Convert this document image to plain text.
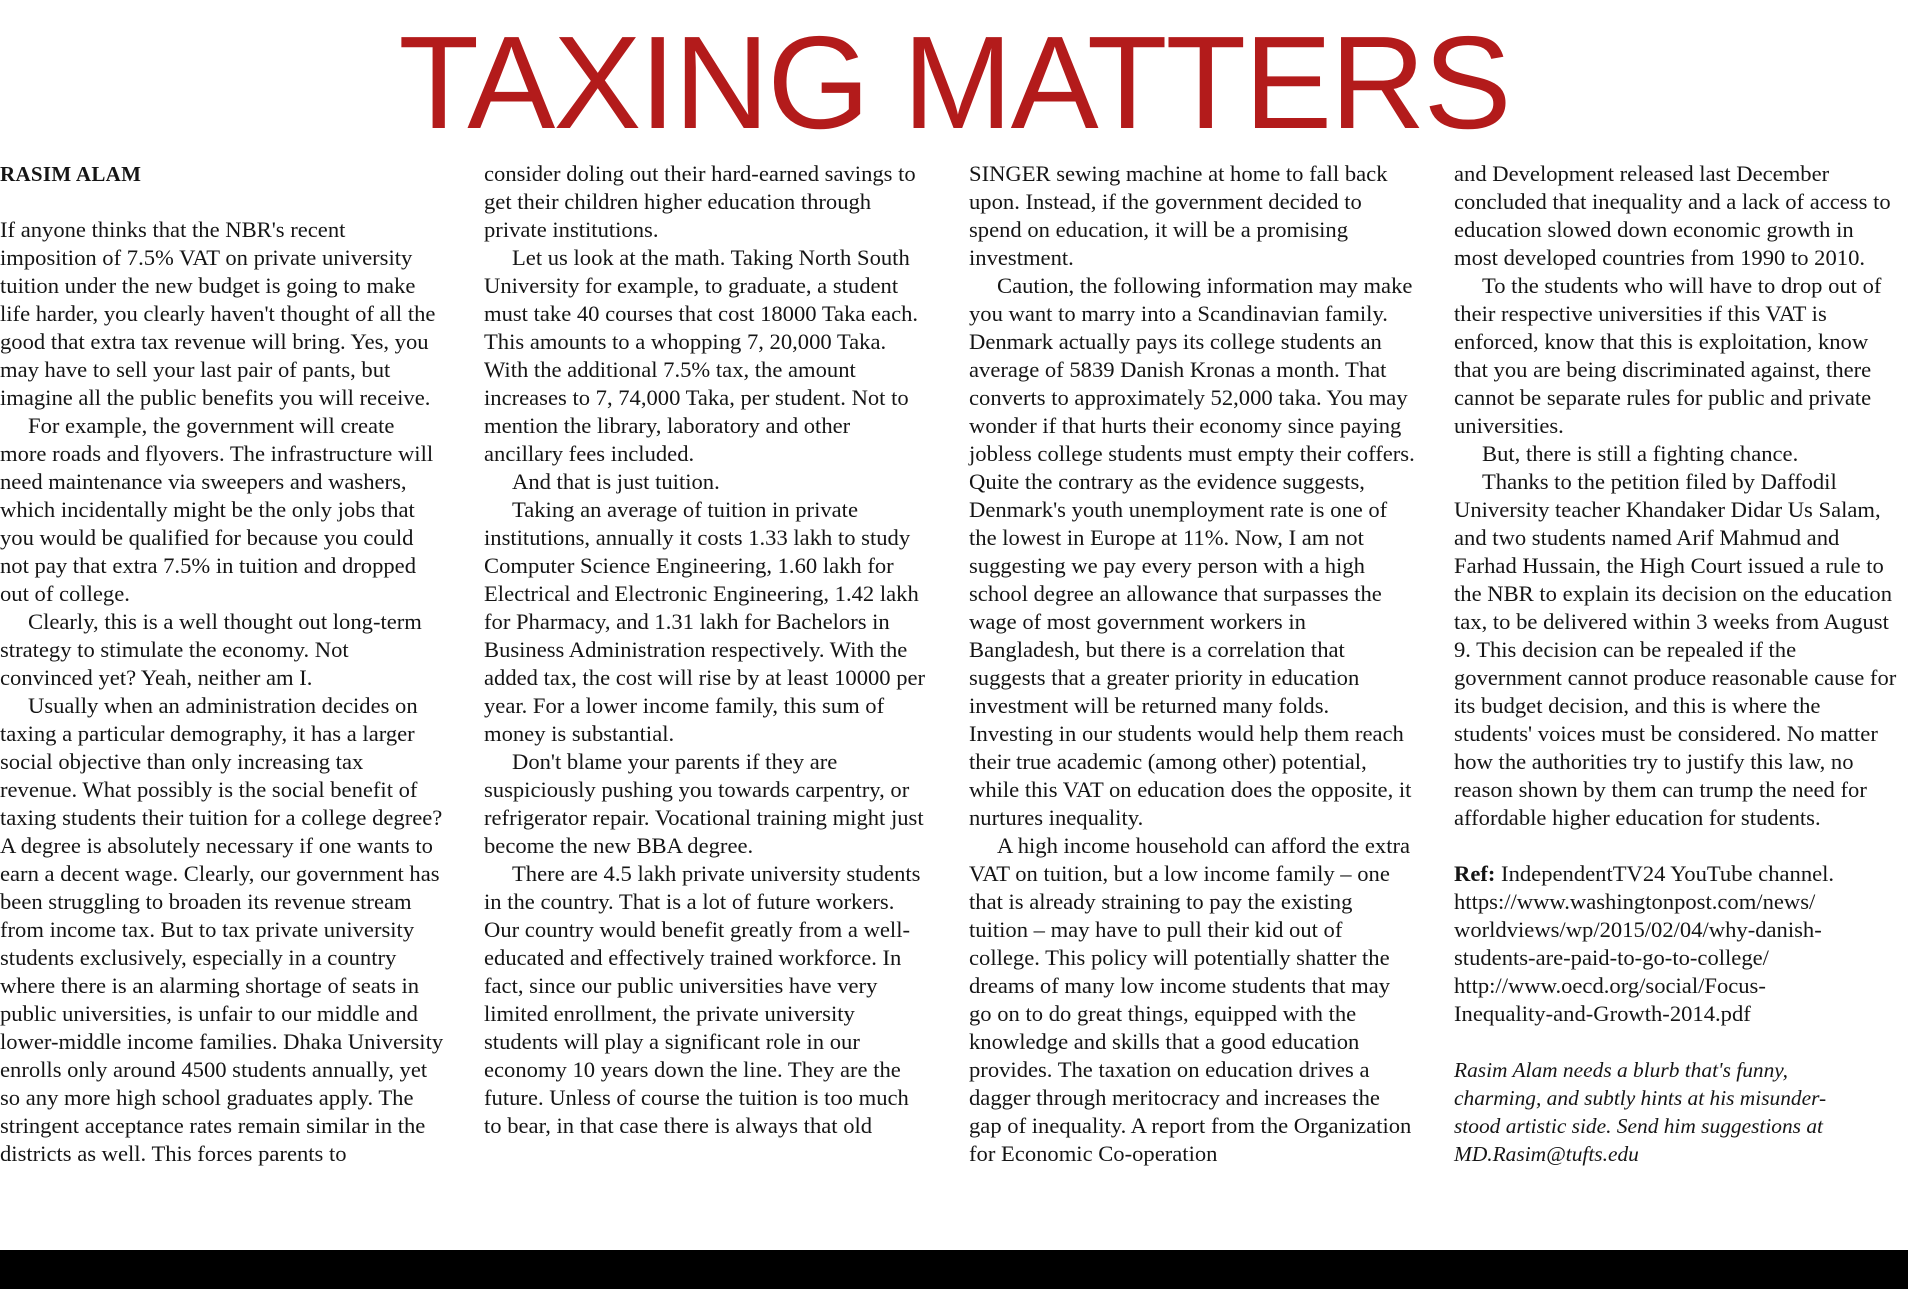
TAXING MATTERS

RASIM ALAM

If anyone thinks that the NBR's recent imposition of 7.5% VAT on private university tuition under the new budget is going to make life harder, you clearly haven't thought of all the good that extra tax revenue will bring. Yes, you may have to sell your last pair of pants, but imagine all the public benefits you will receive.

For example, the government will create more roads and flyovers. The infrastructure will need maintenance via sweepers and washers, which incidentally might be the only jobs that you would be qualified for because you could not pay that extra 7.5% in tuition and dropped out of college.

Clearly, this is a well thought out long-term strategy to stimulate the economy. Not convinced yet? Yeah, neither am I.

Usually when an administration decides on taxing a particular demography, it has a larger social objective than only increasing tax revenue. What possibly is the social benefit of taxing students their tuition for a college degree? A degree is absolutely necessary if one wants to earn a decent wage. Clearly, our government has been struggling to broaden its revenue stream from income tax. But to tax private university students exclusively, especially in a country where there is an alarming shortage of seats in public universities, is unfair to our middle and lower-middle income families. Dhaka University enrolls only around 4500 students annually, yet so any more high school graduates apply. The stringent acceptance rates remain similar in the districts as well. This forces parents to

consider doling out their hard-earned savings to get their children higher education through private institutions.

Let us look at the math. Taking North South University for example, to graduate, a student must take 40 courses that cost 18000 Taka each. This amounts to a whopping 7, 20,000 Taka. With the additional 7.5% tax, the amount increases to 7, 74,000 Taka, per student. Not to mention the library, laboratory and other ancillary fees included.

And that is just tuition.

Taking an average of tuition in private institutions, annually it costs 1.33 lakh to study Computer Science Engineering, 1.60 lakh for Electrical and Electronic Engineering, 1.42 lakh for Pharmacy, and 1.31 lakh for Bachelors in Business Administration respectively. With the added tax, the cost will rise by at least 10000 per year. For a lower income family, this sum of money is substantial.

Don't blame your parents if they are suspiciously pushing you towards carpentry, or refrigerator repair. Vocational training might just become the new BBA degree.

There are 4.5 lakh private university students in the country. That is a lot of future workers. Our country would benefit greatly from a well-educated and effectively trained workforce. In fact, since our public universities have very limited enrollment, the private university students will play a significant role in our economy 10 years down the line. They are the future. Unless of course the tuition is too much to bear, in that case there is always that old

SINGER sewing machine at home to fall back upon. Instead, if the government decided to spend on education, it will be a promising investment.

Caution, the following information may make you want to marry into a Scandinavian family. Denmark actually pays its college students an average of 5839 Danish Kronas a month. That converts to approximately 52,000 taka. You may wonder if that hurts their economy since paying jobless college students must empty their coffers. Quite the contrary as the evidence suggests, Denmark's youth unemployment rate is one of the lowest in Europe at 11%. Now, I am not suggesting we pay every person with a high school degree an allowance that surpasses the wage of most government workers in Bangladesh, but there is a correlation that suggests that a greater priority in education investment will be returned many folds. Investing in our students would help them reach their true academic (among other) potential, while this VAT on education does the opposite, it nurtures inequality.

A high income household can afford the extra VAT on tuition, but a low income family – one that is already straining to pay the existing tuition – may have to pull their kid out of college. This policy will potentially shatter the dreams of many low income students that may go on to do great things, equipped with the knowledge and skills that a good education provides. The taxation on education drives a dagger through meritocracy and increases the gap of inequality. A report from the Organization for Economic Co-operation

and Development released last December concluded that inequality and a lack of access to education slowed down economic growth in most developed countries from 1990 to 2010.

To the students who will have to drop out of their respective universities if this VAT is enforced, know that this is exploitation, know that you are being discriminated against, there cannot be separate rules for public and private universities.

But, there is still a fighting chance.

Thanks to the petition filed by Daffodil University teacher Khandaker Didar Us Salam, and two students named Arif Mahmud and Farhad Hussain, the High Court issued a rule to the NBR to explain its decision on the education tax, to be delivered within 3 weeks from August 9. This decision can be repealed if the government cannot produce reasonable cause for its budget decision, and this is where the students' voices must be considered. No matter how the authorities try to justify this law, no reason shown by them can trump the need for affordable higher education for students.

Ref: IndependentTV24 YouTube channel.
https://www.washingtonpost.com/news/
worldviews/wp/2015/02/04/why-danish-
students-are-paid-to-go-to-college/
http://www.oecd.org/social/Focus-
Inequality-and-Growth-2014.pdf
Rasim Alam needs a blurb that's funny,
charming, and subtly hints at his misunder-
stood artistic side. Send him suggestions at
MD.Rasim@tufts.edu
